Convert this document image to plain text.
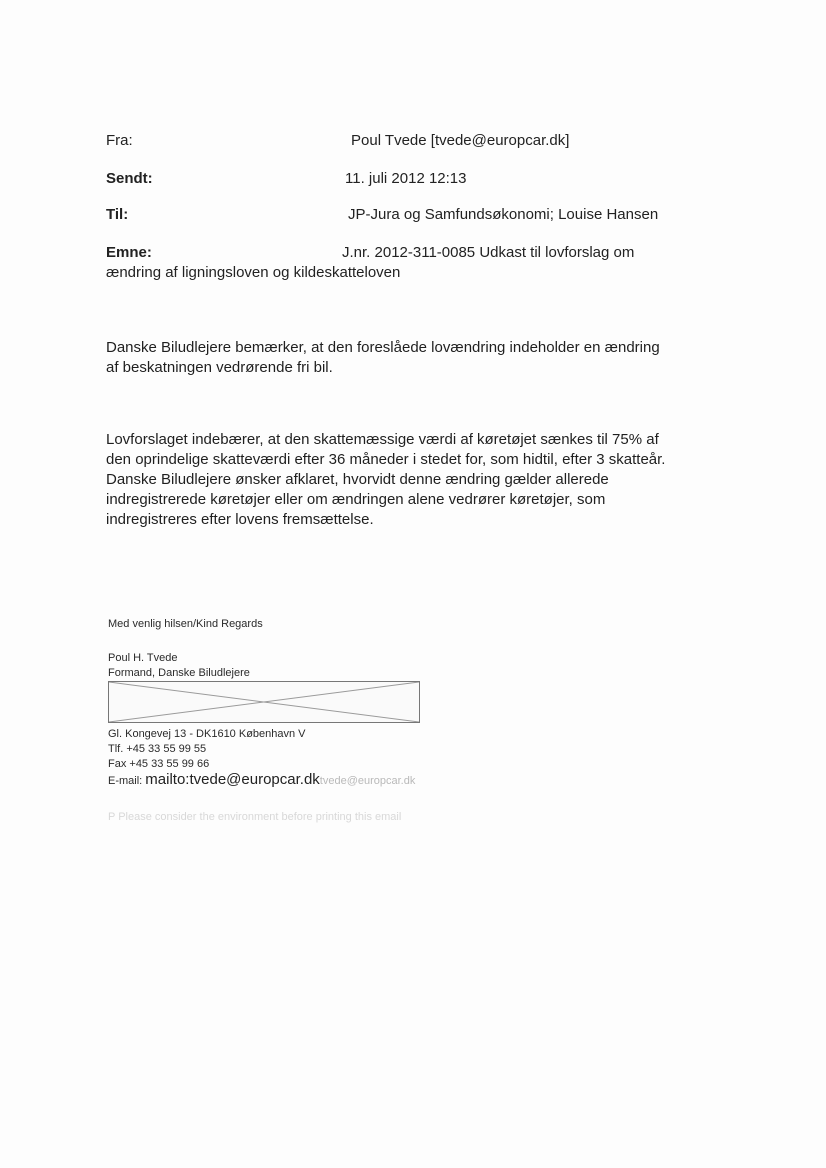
Fra:	Poul Tvede [tvede@europcar.dk]
Sendt:	11. juli 2012 12:13
Til:	JP-Jura og Samfundsøkonomi; Louise Hansen
Emne:	J.nr. 2012-311-0085 Udkast til lovforslag om
ændring af ligningsloven og kildeskatteloven
Danske Biludlejere bemærker, at den foreslåede lovændring indeholder en ændring
af beskatningen vedrørende fri bil.
Lovforslaget indebærer, at den skattemæssige værdi af køretøjet sænkes til 75% af
den oprindelige skatteværdi efter 36 måneder i stedet for, som hidtil, efter 3 skatteår.
Danske Biludlejere ønsker afklaret, hvorvidt denne ændring gælder allerede
indregistrerede køretøjer eller om ændringen alene vedrører køretøjer, som
indregistreres efter lovens fremsættelse.
Med venlig hilsen/Kind Regards
Poul H. Tvede
Formand, Danske Biludlejere
Gl. Kongevej 13 - DK1610 København V
Tlf. +45 33 55 99 55
Fax +45 33 55 99 66
E-mail: mailto:tvede@europcar.dktvede@europcar.dk
P Please consider the environment before printing this email
